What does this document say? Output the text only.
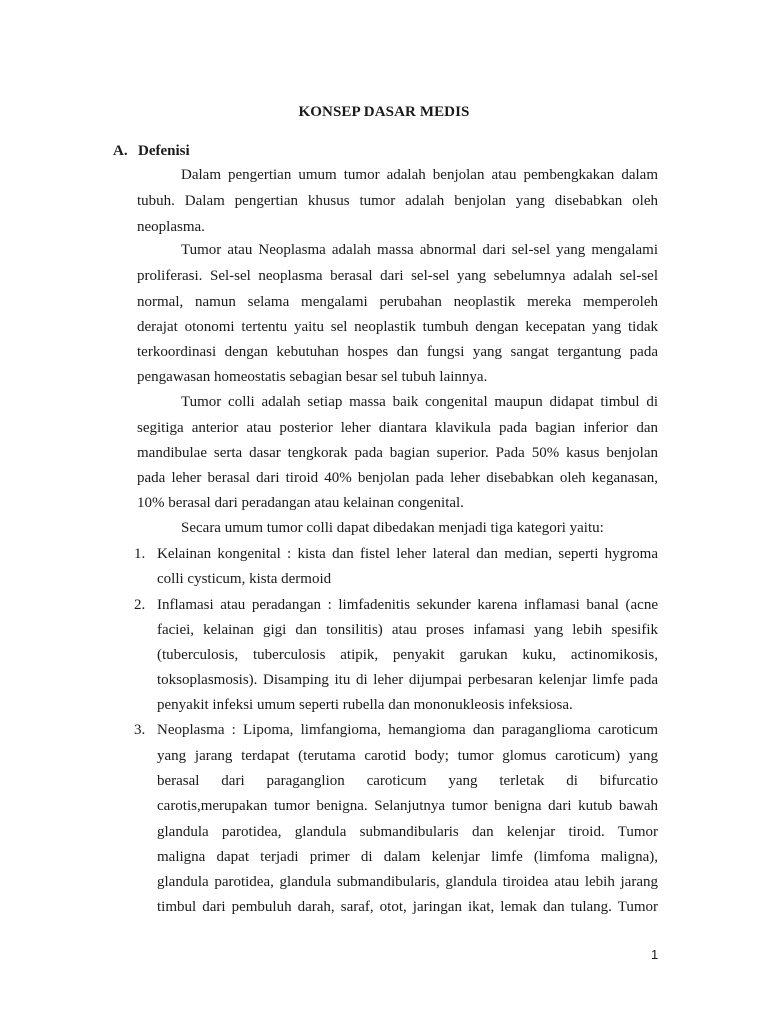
KONSEP DASAR MEDIS
A. Defenisi
Dalam pengertian umum tumor adalah benjolan atau pembengkakan dalam
tubuh. Dalam pengertian khusus tumor adalah benjolan yang disebabkan oleh
neoplasma.
Tumor atau Neoplasma adalah massa abnormal dari sel-sel yang mengalami
proliferasi. Sel-sel neoplasma berasal dari sel-sel yang sebelumnya adalah sel-sel
normal, namun selama mengalami perubahan neoplastik mereka memperoleh
derajat otonomi tertentu yaitu sel neoplastik tumbuh dengan kecepatan yang tidak
terkoordinasi dengan kebutuhan hospes dan fungsi yang sangat tergantung pada
pengawasan homeostatis sebagian besar sel tubuh lainnya.
Tumor colli adalah setiap massa baik congenital maupun didapat timbul di
segitiga anterior atau posterior leher diantara klavikula pada bagian inferior dan
mandibulae serta dasar tengkorak pada bagian superior. Pada 50% kasus benjolan
pada leher berasal dari tiroid 40% benjolan pada leher disebabkan oleh keganasan,
10% berasal dari peradangan atau kelainan congenital.
Secara umum tumor colli dapat dibedakan menjadi tiga kategori yaitu:
1. Kelainan kongenital : kista dan fistel leher lateral dan median, seperti hygroma
colli cysticum, kista dermoid
2. Inflamasi atau peradangan : limfadenitis sekunder karena inflamasi banal (acne
faciei, kelainan gigi dan tonsilitis) atau proses infamasi yang lebih spesifik
(tuberculosis, tuberculosis atipik, penyakit garukan kuku, actinomikosis,
toksoplasmosis). Disamping itu di leher dijumpai perbesaran kelenjar limfe pada
penyakit infeksi umum seperti rubella dan mononukleosis infeksiosa.
3. Neoplasma : Lipoma, limfangioma, hemangioma dan paraganglioma caroticum
yang jarang terdapat (terutama carotid body; tumor glomus caroticum) yang
berasal dari paraganglion caroticum yang terletak di bifurcatio
carotis,merupakan tumor benigna. Selanjutnya tumor benigna dari kutub bawah
glandula parotidea, glandula submandibularis dan kelenjar tiroid. Tumor
maligna dapat terjadi primer di dalam kelenjar limfe (limfoma maligna),
glandula parotidea, glandula submandibularis, glandula tiroidea atau lebih jarang
timbul dari pembuluh darah, saraf, otot, jaringan ikat, lemak dan tulang. Tumor
1
